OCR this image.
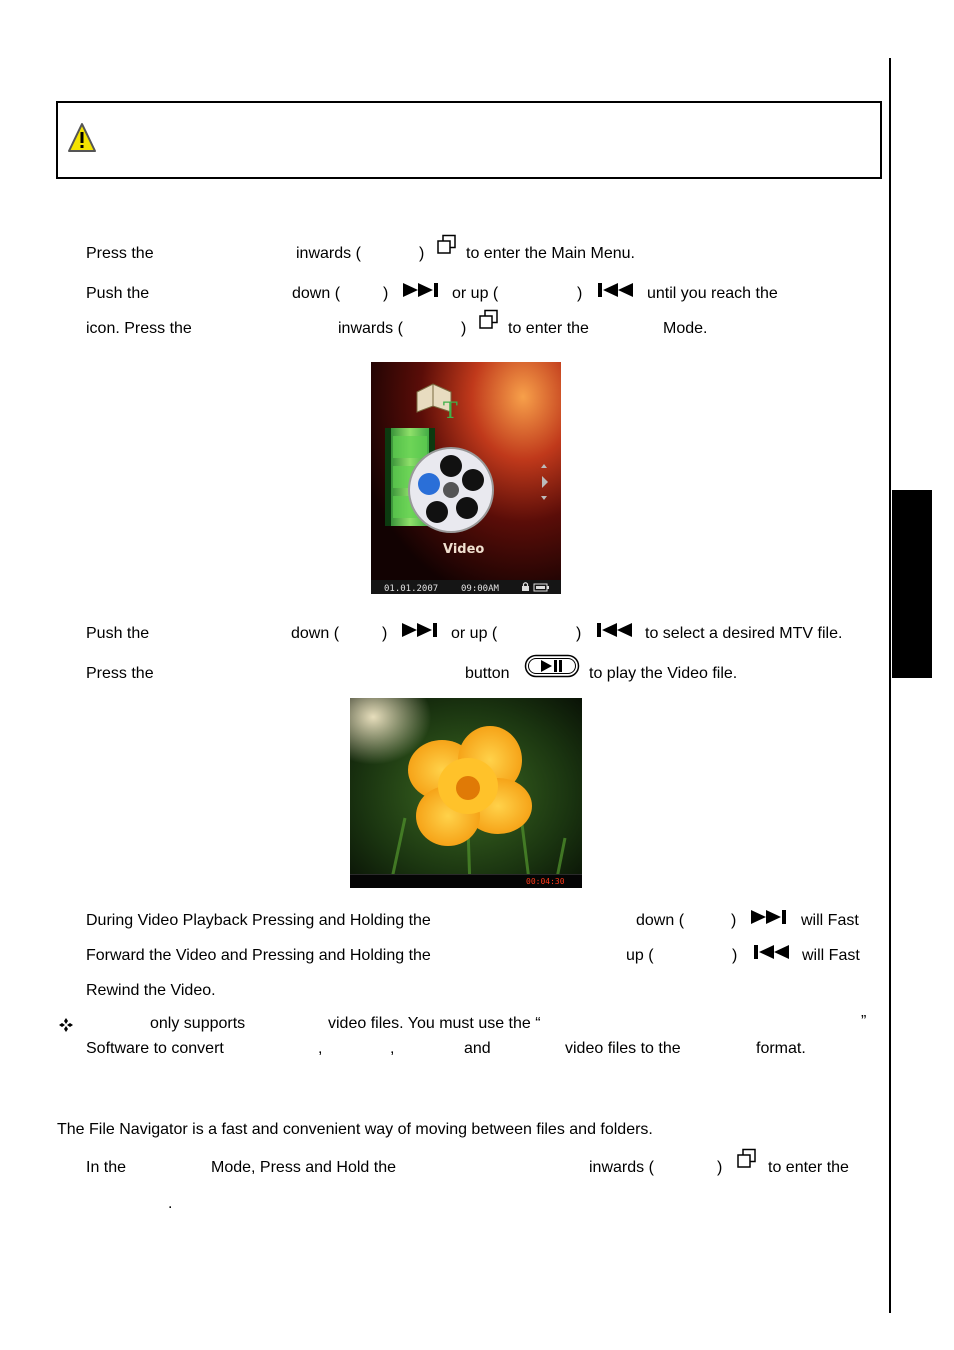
Press the	inwards (	)	to enter the Main Menu.
Push the	down (	)	or up (	)	until you reach the
icon. Press the	inwards (	)	to enter the	Mode.
T
Video
01.01.2007	09:00AM
Push the	down (	)	or up (	)	to select a desired MTV file.
Press the	button	to play the Video file.
00:04:30
During Video Playback Pressing and Holding the	down (	)	will Fast
Forward the Video and Pressing and Holding the	up (	)	will Fast
Rewind the Video.
only supports	video files. You must use the “	”
Software to convert	,	,	and	video files to the	format.
The File Navigator is a fast and convenient way of moving between files and folders.
In the	Mode, Press and Hold the	inwards (	)	to enter the
.
